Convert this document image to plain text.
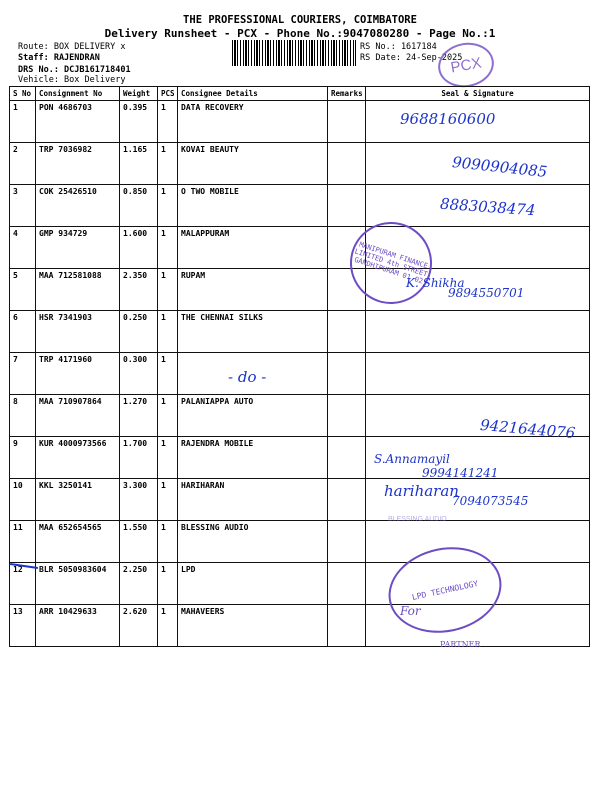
THE PROFESSIONAL COURIERS, COIMBATORE
Delivery Runsheet - PCX - Phone No.:9047080280 - Page No.:1
Route: BOX DELIVERY x
Staff: RAJENDRAN
DRS No.: DCJB161718401
Vehicle: Box Delivery
RS No.: 1617184
RS Date: 24-Sep-2025
PCX
S No	Consignment No	Weight	PCS	Consignee Details	Remarks	Seal & Signature
1	PON 4686703	0.395	1	DATA RECOVERY		
2	TRP 7036982	1.165	1	KOVAI BEAUTY		
3	COK 25426510	0.850	1	O TWO MOBILE		
4	GMP 934729	1.600	1	MALAPPURAM		
5	MAA 712581088	2.350	1	RUPAM		
6	HSR 7341903	0.250	1	THE CHENNAI SILKS		
7	TRP 4171960	0.300	1			
8	MAA 710907864	1.270	1	PALANIAPPA AUTO		
9	KUR 4000973566	1.700	1	RAJENDRA MOBILE		
10	KKL 3250141	3.300	1	HARIHARAN		
11	MAA 652654565	1.550	1	BLESSING AUDIO		
12	BLR 5050983604	2.250	1	LPD		
13	ARR 10429633	2.620	1	MAHAVEERS		
MANIPURAM FINANCE LIMITED 4th STREET GANDHIPURAM 01.02
LPD TECHNOLOGY
BLESSING AUDIO
9688160600
9090904085
8883038474
K. Shikha
9894550701
- do -
9421644076
S.Annamayil
9994141241
hariharan
7094073545
For
PARTNER
